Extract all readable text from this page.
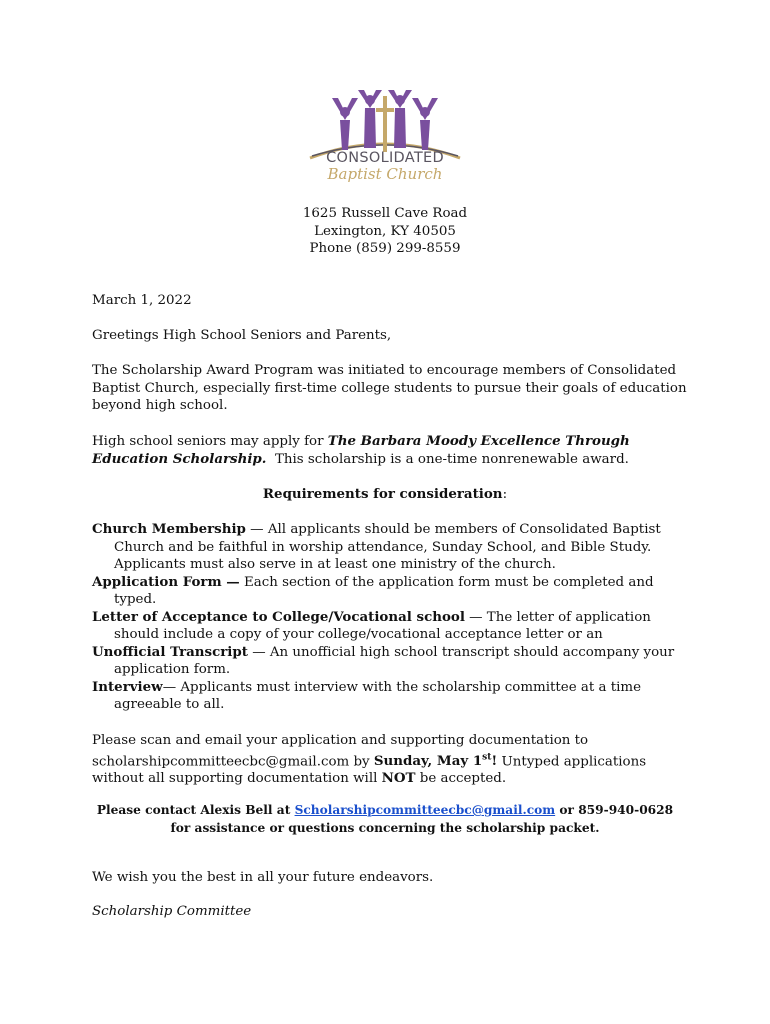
CONSOLIDATED
Baptist Church
1625 Russell Cave Road
Lexington, KY 40505
Phone (859) 299-8559
March 1, 2022
Greetings High School Seniors and Parents,
The Scholarship Award Program was initiated to encourage members of Consolidated
Baptist Church, especially first-time college students to pursue their goals of education
beyond high school.
High school seniors may apply for The Barbara Moody Excellence Through
Education Scholarship.  This scholarship is a one-time nonrenewable award.
Requirements for consideration:
Church Membership — All applicants should be members of Consolidated Baptist Church and be faithful in worship attendance, Sunday School, and Bible Study. Applicants must also serve in at least one ministry of the church.
Application Form — Each section of the application form must be completed and typed.
Letter of Acceptance to College/Vocational school — The letter of application should include a copy of your college/vocational acceptance letter or an
Unofficial Transcript — An unofficial high school transcript should accompany your application form.
Interview— Applicants must interview with the scholarship committee at a time agreeable to all.
Please scan and email your application and supporting documentation to
scholarshipcommitteecbc@gmail.com by Sunday, May 1st! Untyped applications
without all supporting documentation will NOT be accepted.
Please contact Alexis Bell at Scholarshipcommitteecbc@gmail.com or 859-940-0628
for assistance or questions concerning the scholarship packet.
We wish you the best in all your future endeavors.
Scholarship Committee
